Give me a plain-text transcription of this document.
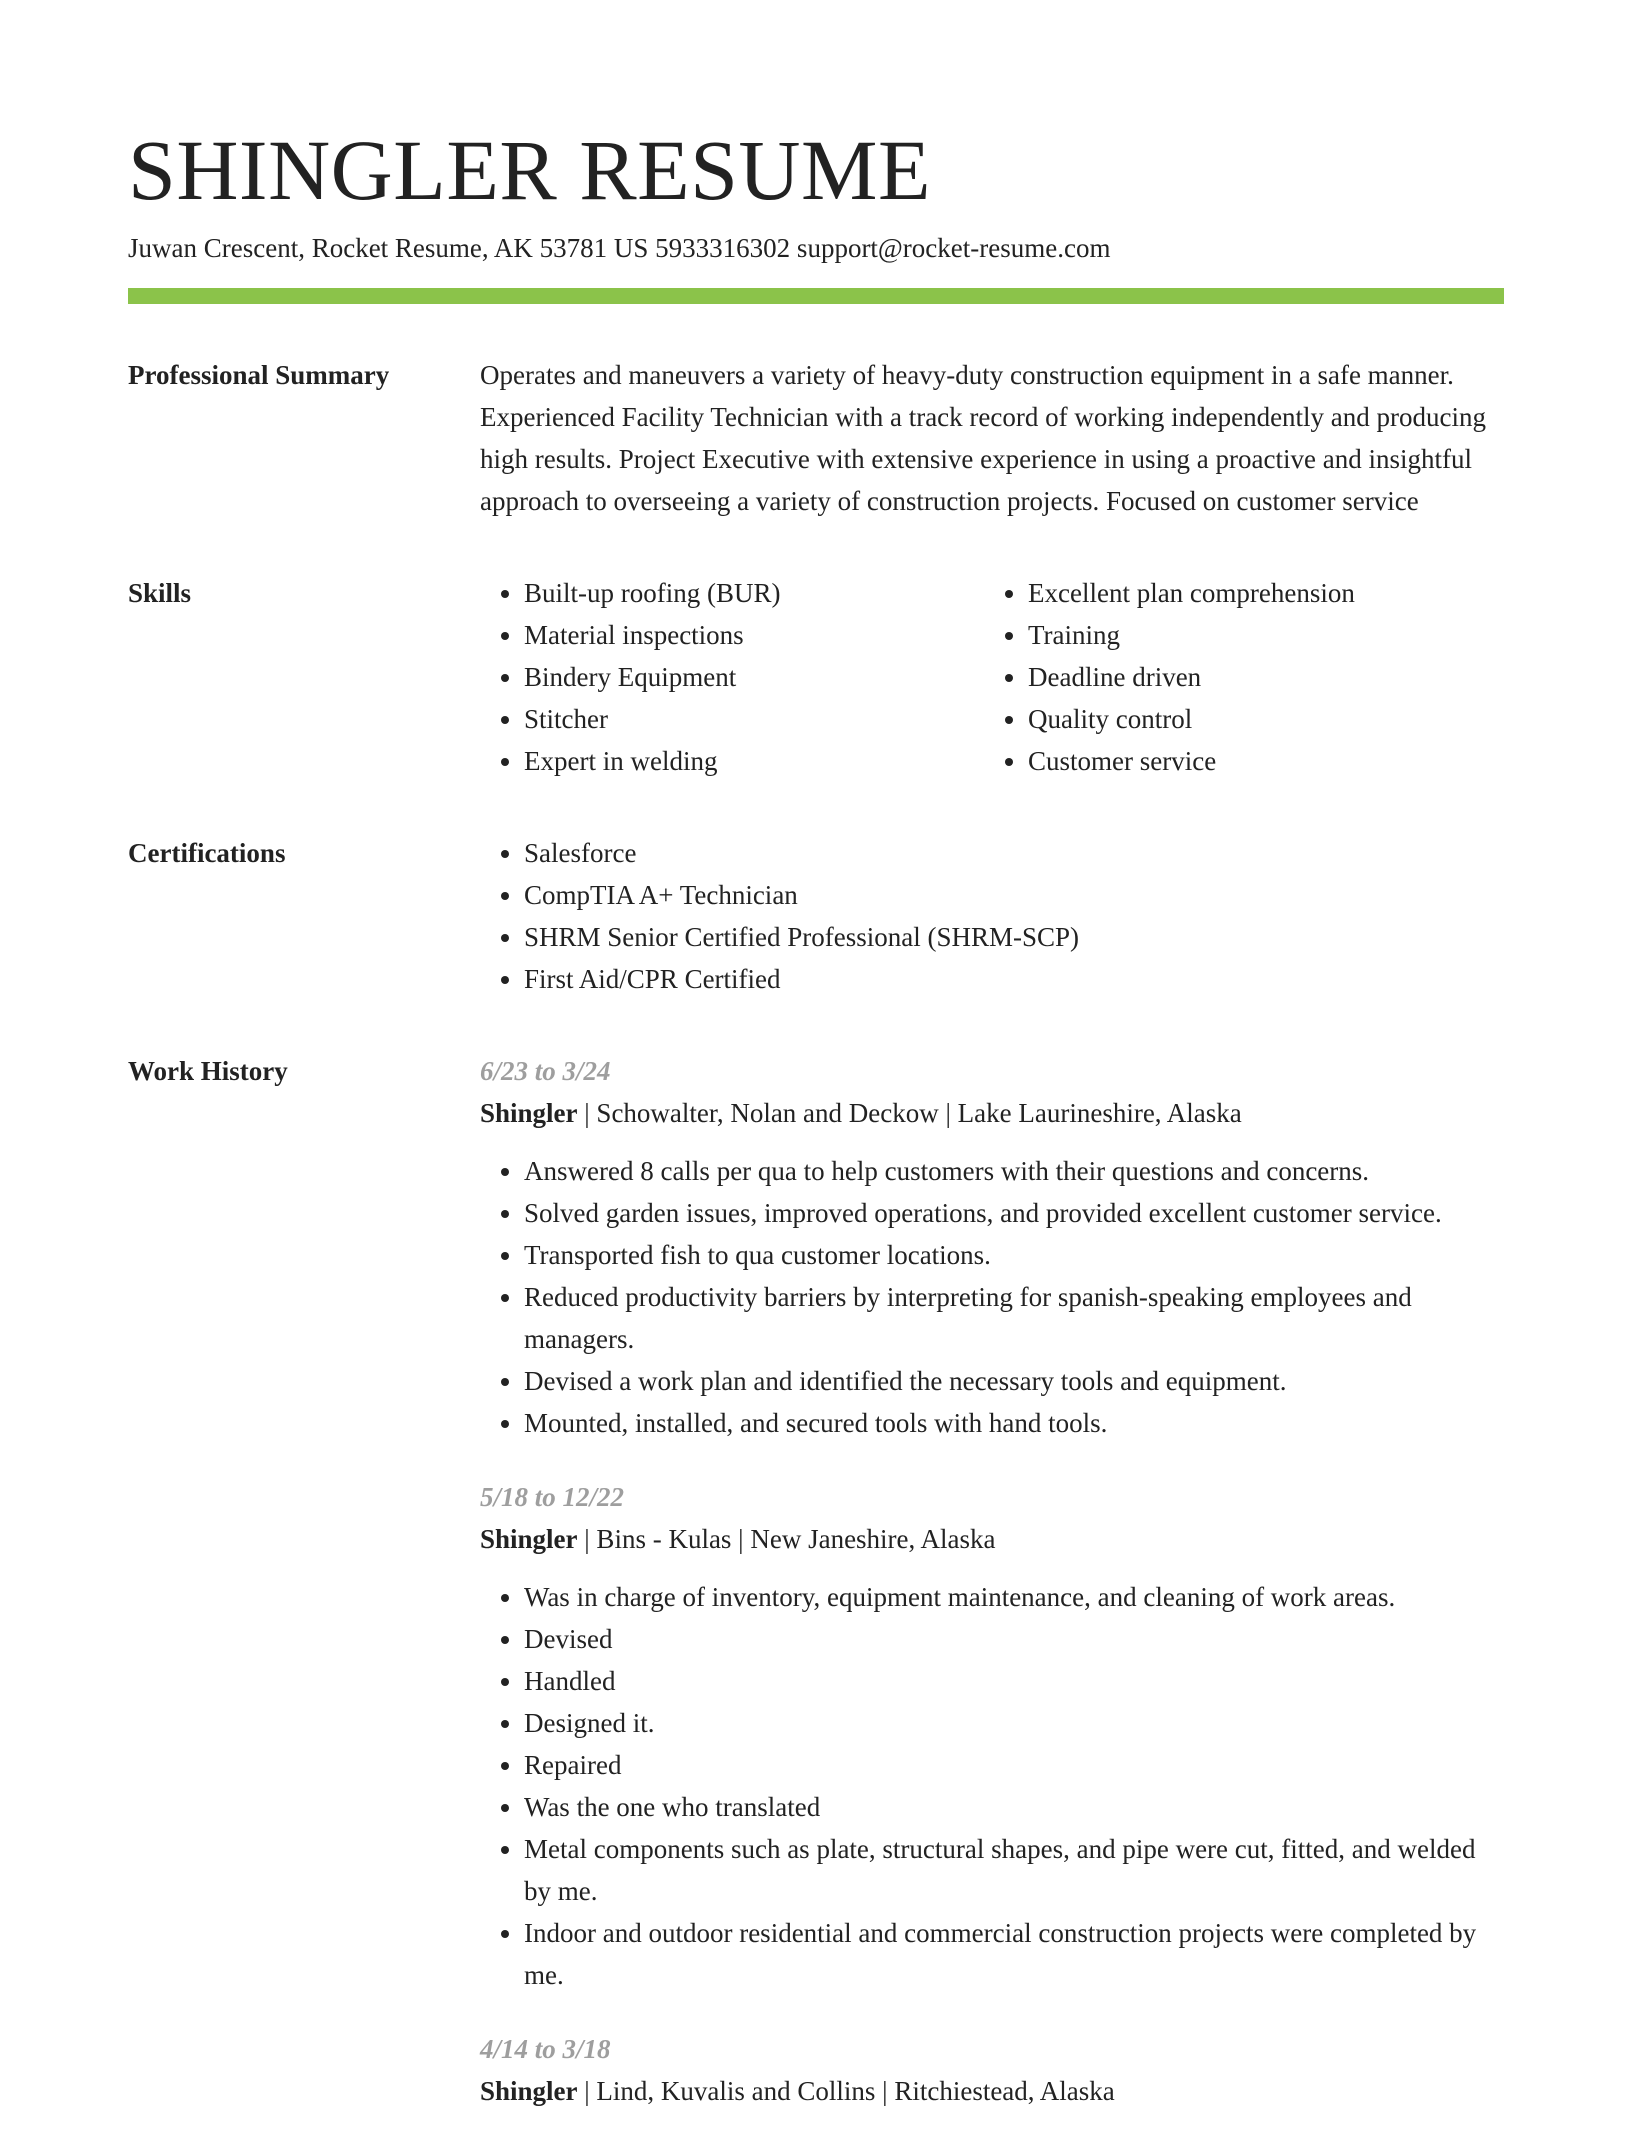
SHINGLER RESUME
Juwan Crescent, Rocket Resume, AK 53781 US 5933316302 support@rocket-resume.com
Professional Summary	Operates and maneuvers a variety of heavy-duty construction equipment in a safe manner. Experienced Facility Technician with a track record of working independently and producing high results. Project Executive with extensive experience in using a proactive and insightful approach to overseeing a variety of construction projects. Focused on customer service

Skills	• Built-up roofing (BUR)
• Material inspections
• Bindery Equipment
• Stitcher
• Expert in welding
• Excellent plan comprehension
• Training
• Deadline driven
• Quality control
• Customer service
Certifications	• Salesforce
• CompTIA A+ Technician
• SHRM Senior Certified Professional (SHRM-SCP)
• First Aid/CPR Certified
Work History	6/23 to 3/24
Shingler | Schowalter, Nolan and Deckow | Lake Laurineshire, Alaska
• Answered 8 calls per qua to help customers with their questions and concerns.
• Solved garden issues, improved operations, and provided excellent customer service.
• Transported fish to qua customer locations.
• Reduced productivity barriers by interpreting for spanish-speaking employees and managers.
• Devised a work plan and identified the necessary tools and equipment.
• Mounted, installed, and secured tools with hand tools.
5/18 to 12/22
Shingler | Bins - Kulas | New Janeshire, Alaska
• Was in charge of inventory, equipment maintenance, and cleaning of work areas.
• Devised
• Handled
• Designed it.
• Repaired
• Was the one who translated
• Metal components such as plate, structural shapes, and pipe were cut, fitted, and welded by me.
• Indoor and outdoor residential and commercial construction projects were completed by me.
4/14 to 3/18
Shingler | Lind, Kuvalis and Collins | Ritchiestead, Alaska
